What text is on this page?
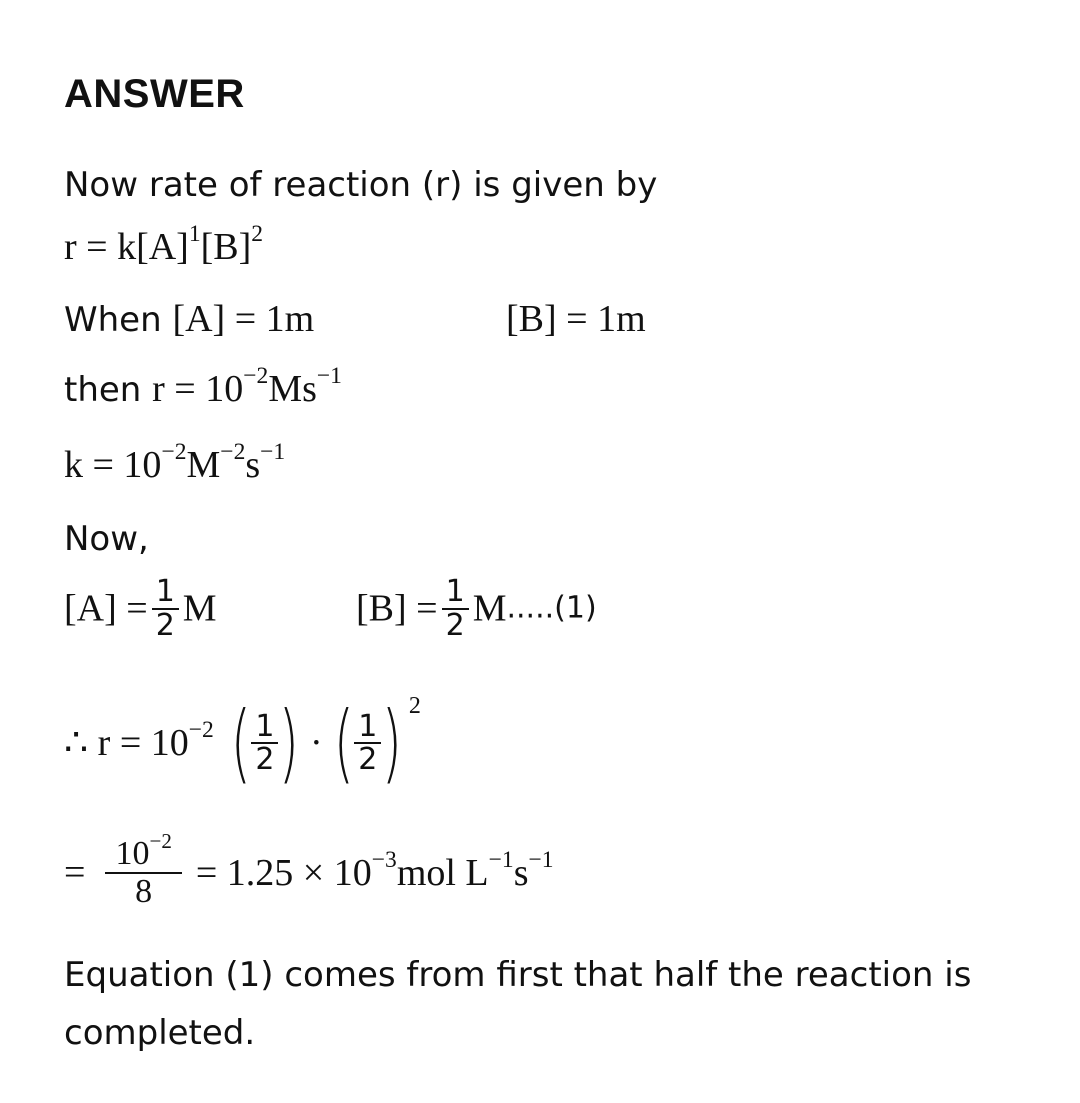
ANSWER
Now rate of reaction (r) is given by
$r = k[A]^1[B]^2$
When [A] = 1m	[B] = 1m
then $r = 10^{-2}Ms^{-1}$
$k = 10^{-2}M^{-2}s^{-1}$
Now,
$[A] = \frac{1}{2}$ M	$[B] = \frac{1}{2} M.....(1)$
∴ $r = 10^{-2}$ ( $\frac{1}{2}$ ) · ( $\frac{1}{2}$ ) $^2$
= $\frac{10^{-2}}{8} = 1.25 \times 10^{-3}mol$ $L^{-1}s^{-1}$
Equation (1) comes from first that half the reaction is completed.
